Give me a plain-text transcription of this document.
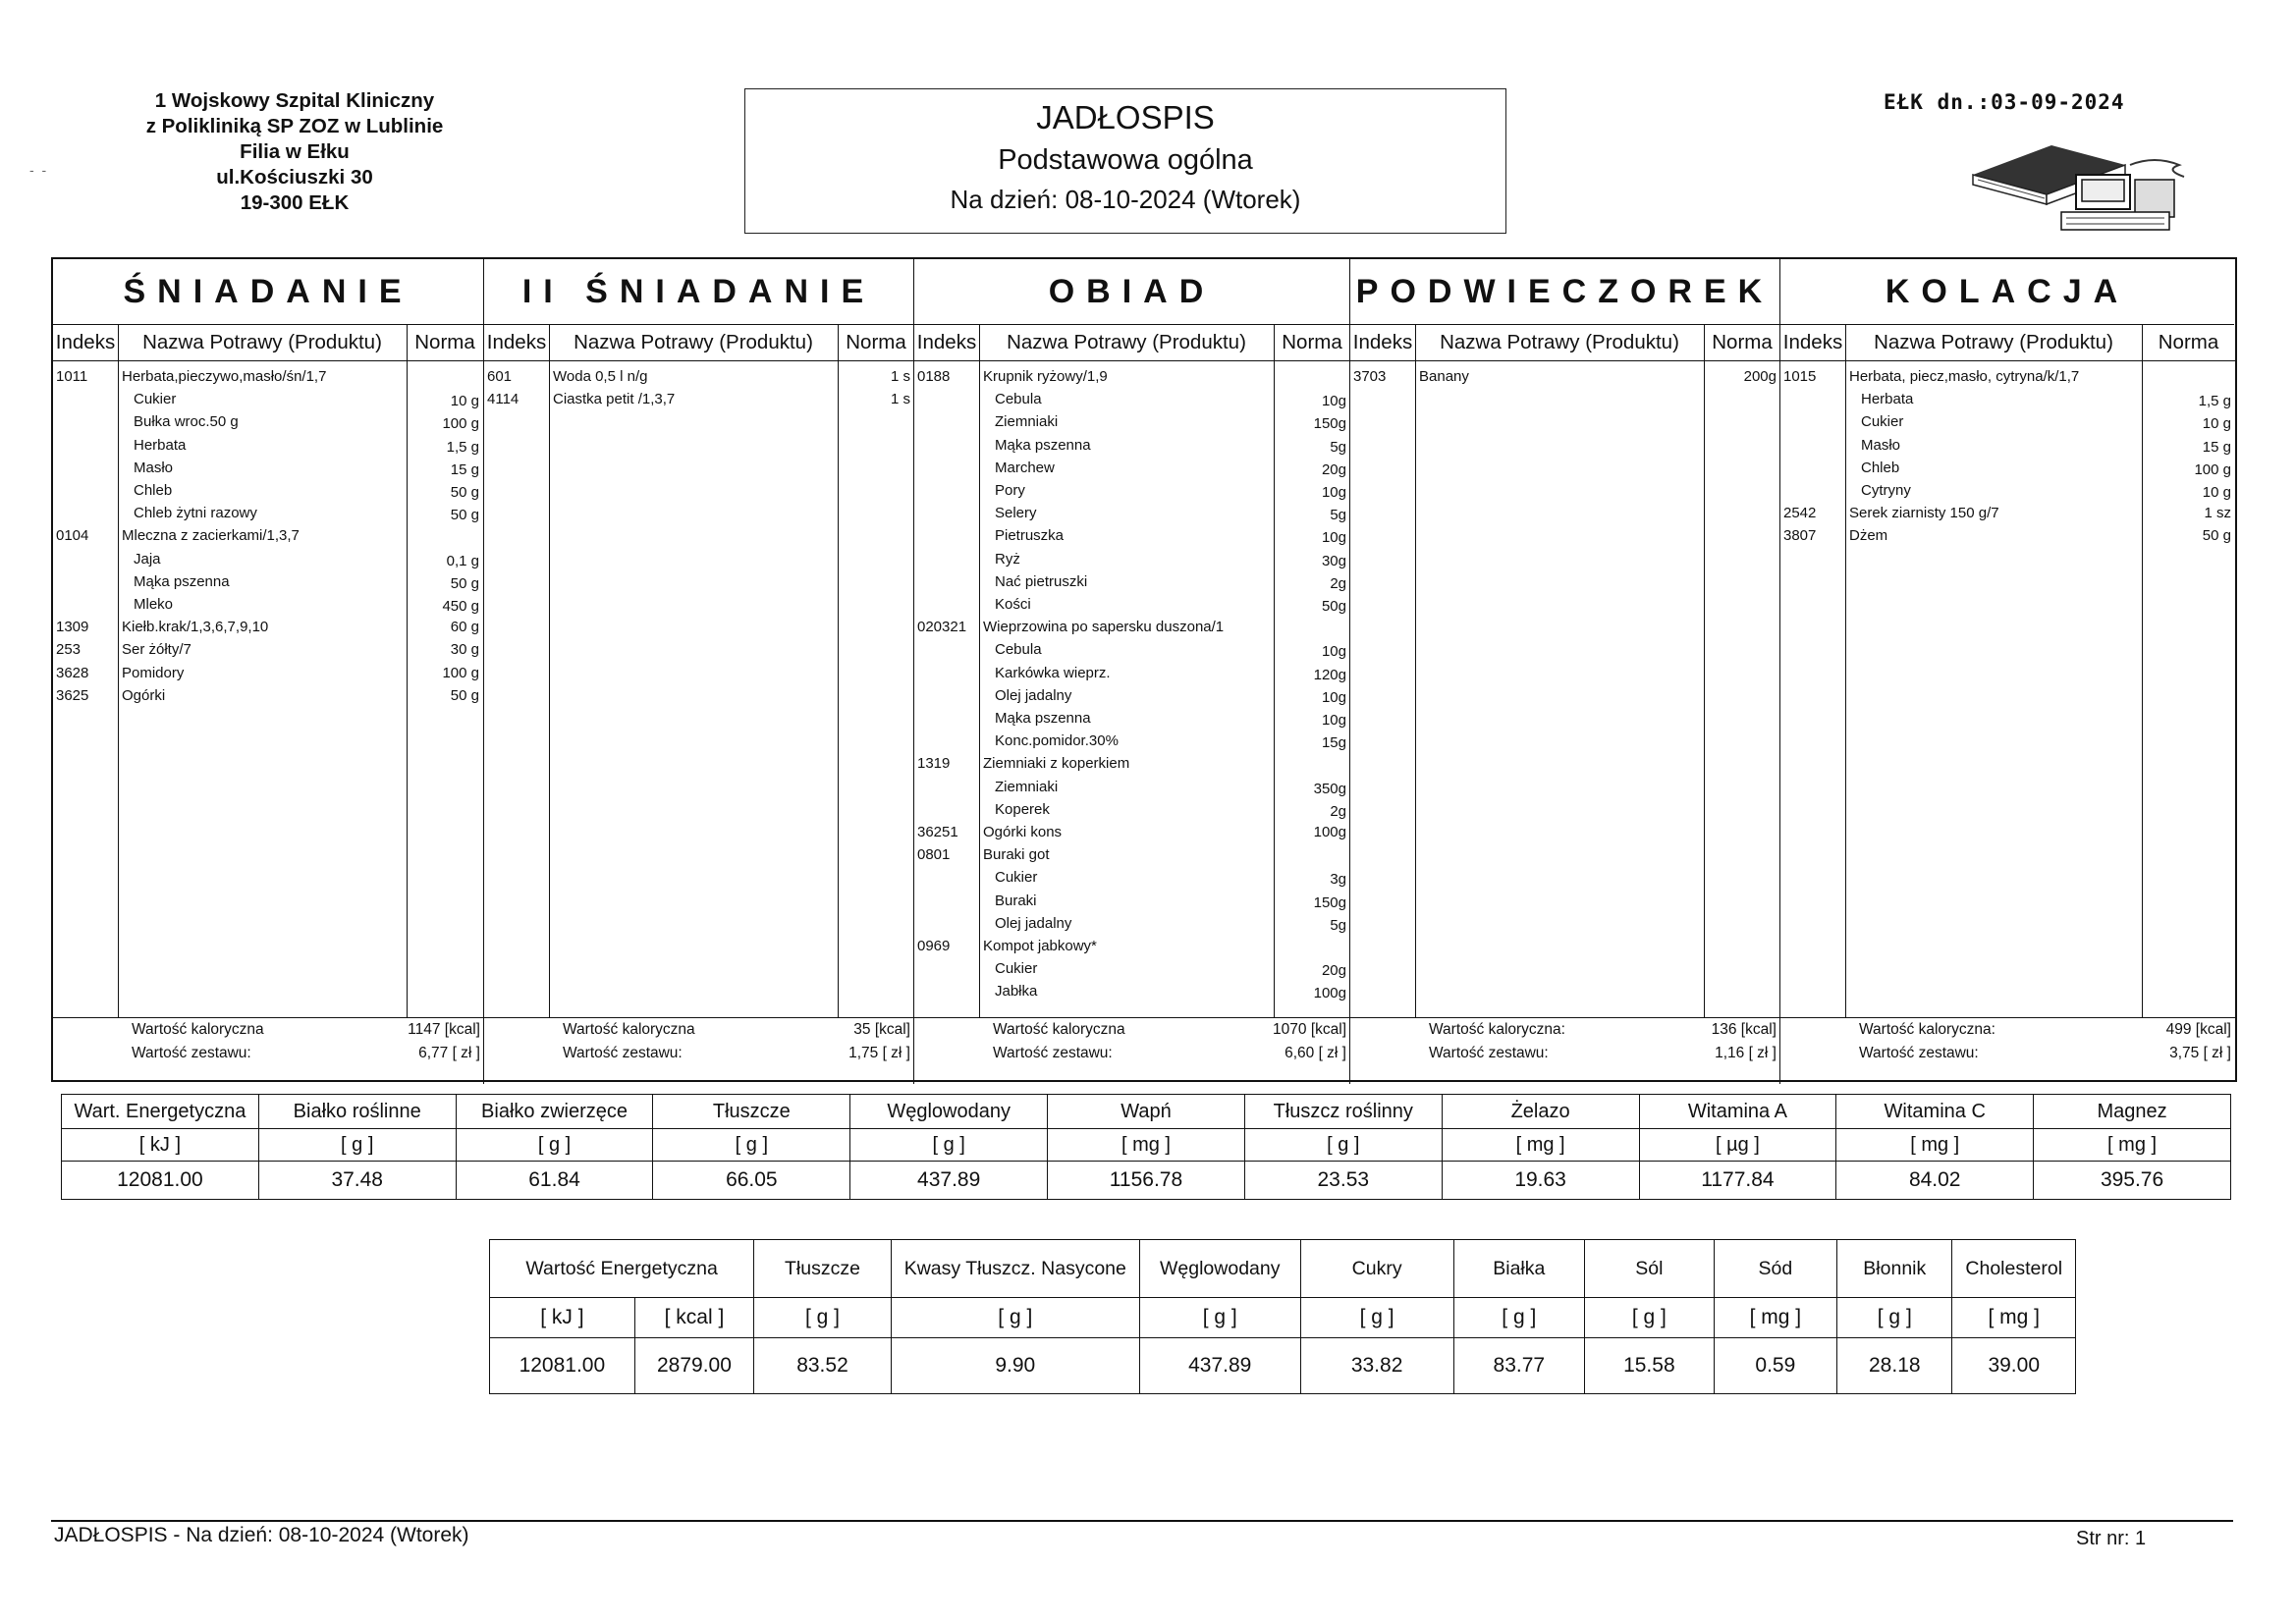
-  -
1 Wojskowy Szpital Kliniczny
z Polikliniką SP ZOZ w Lublinie
Filia w Ełku
ul.Kościuszki 30
19-300 EŁK
JADŁOSPIS
Podstawowa ogólna
Na dzień: 08-10-2024 (Wtorek)
EŁK dn.:03-09-2024
ŚNIADANIE
Indeks	Nazwa Potrawy (Produktu)	Norma
1011	Herbata,pieczywo,masło/śn/1,7
Cukier	10 g
Bułka wroc.50 g	100 g
Herbata	1,5 g
Masło	15 g
Chleb	50 g
Chleb żytni razowy	50 g
0104	Mleczna z zacierkami/1,3,7
Jaja	0,1 g
Mąka pszenna	50 g
Mleko	450 g
1309	Kiełb.krak/1,3,6,7,9,10	60 g
253	Ser żółty/7	30 g
3628	Pomidory	100 g
3625	Ogórki	50 g
Wartość kaloryczna	1147 [kcal]
Wartość zestawu:	6,77 [ zł ]
II ŚNIADANIE
Indeks	Nazwa Potrawy (Produktu)	Norma
601	Woda 0,5 l n/g	1 s
4114	Ciastka petit /1,3,7	1 s
Wartość kaloryczna	35 [kcal]
Wartość zestawu:	1,75 [ zł ]
OBIAD
Indeks	Nazwa Potrawy (Produktu)	Norma
0188	Krupnik ryżowy/1,9
Cebula	10g
Ziemniaki	150g
Mąka pszenna	5g
Marchew	20g
Pory	10g
Selery	5g
Pietruszka	10g
Ryż	30g
Nać pietruszki	2g
Kości	50g
020321	Wieprzowina po sapersku duszona/1
Cebula	10g
Karkówka wieprz.	120g
Olej jadalny	10g
Mąka pszenna	10g
Konc.pomidor.30%	15g
1319	Ziemniaki z koperkiem
Ziemniaki	350g
Koperek	2g
36251	Ogórki kons	100g
0801	Buraki got
Cukier	3g
Buraki	150g
Olej jadalny	5g
0969	Kompot jabkowy*
Cukier	20g
Jabłka	100g
Wartość kaloryczna	1070 [kcal]
Wartość zestawu:	6,60 [ zł ]
PODWIECZOREK
Indeks	Nazwa Potrawy (Produktu)	Norma
3703	Banany	200g
Wartość kaloryczna:	136 [kcal]
Wartość zestawu:	1,16 [ zł ]
KOLACJA
Indeks	Nazwa Potrawy (Produktu)	Norma
1015	Herbata, piecz,masło, cytryna/k/1,7
Herbata	1,5 g
Cukier	10 g
Masło	15 g
Chleb	100 g
Cytryny	10 g
2542	Serek ziarnisty 150 g/7	1 sz
3807	Dżem	50 g
Wartość kaloryczna:	499 [kcal]
Wartość zestawu:	3,75 [ zł ]
Wart. Energetyczna	Białko roślinne	Białko zwierzęce	Tłuszcze	Węglowodany	Wapń	Tłuszcz roślinny	Żelazo	Witamina A	Witamina C	Magnez
[ kJ ]	[ g ]	[ g ]	[ g ]	[ g ]	[ mg ]	[ g ]	[ mg ]	[ µg ]	[ mg ]	[ mg ]
12081.00	37.48	61.84	66.05	437.89	1156.78	23.53	19.63	1177.84	84.02	395.76
Wartość Energetyczna		Tłuszcze	Kwasy Tłuszcz. Nasycone	Węglowodany	Cukry	Białka	Sól	Sód	Błonnik	Cholesterol
[ kJ ]	[ kcal ]	[ g ]	[ g ]	[ g ]	[ g ]	[ g ]	[ g ]	[ mg ]	[ g ]	[ mg ]
12081.00	2879.00	83.52	9.90	437.89	33.82	83.77	15.58	0.59	28.18	39.00
JADŁOSPIS - Na dzień: 08-10-2024 (Wtorek)	Str nr: 1
